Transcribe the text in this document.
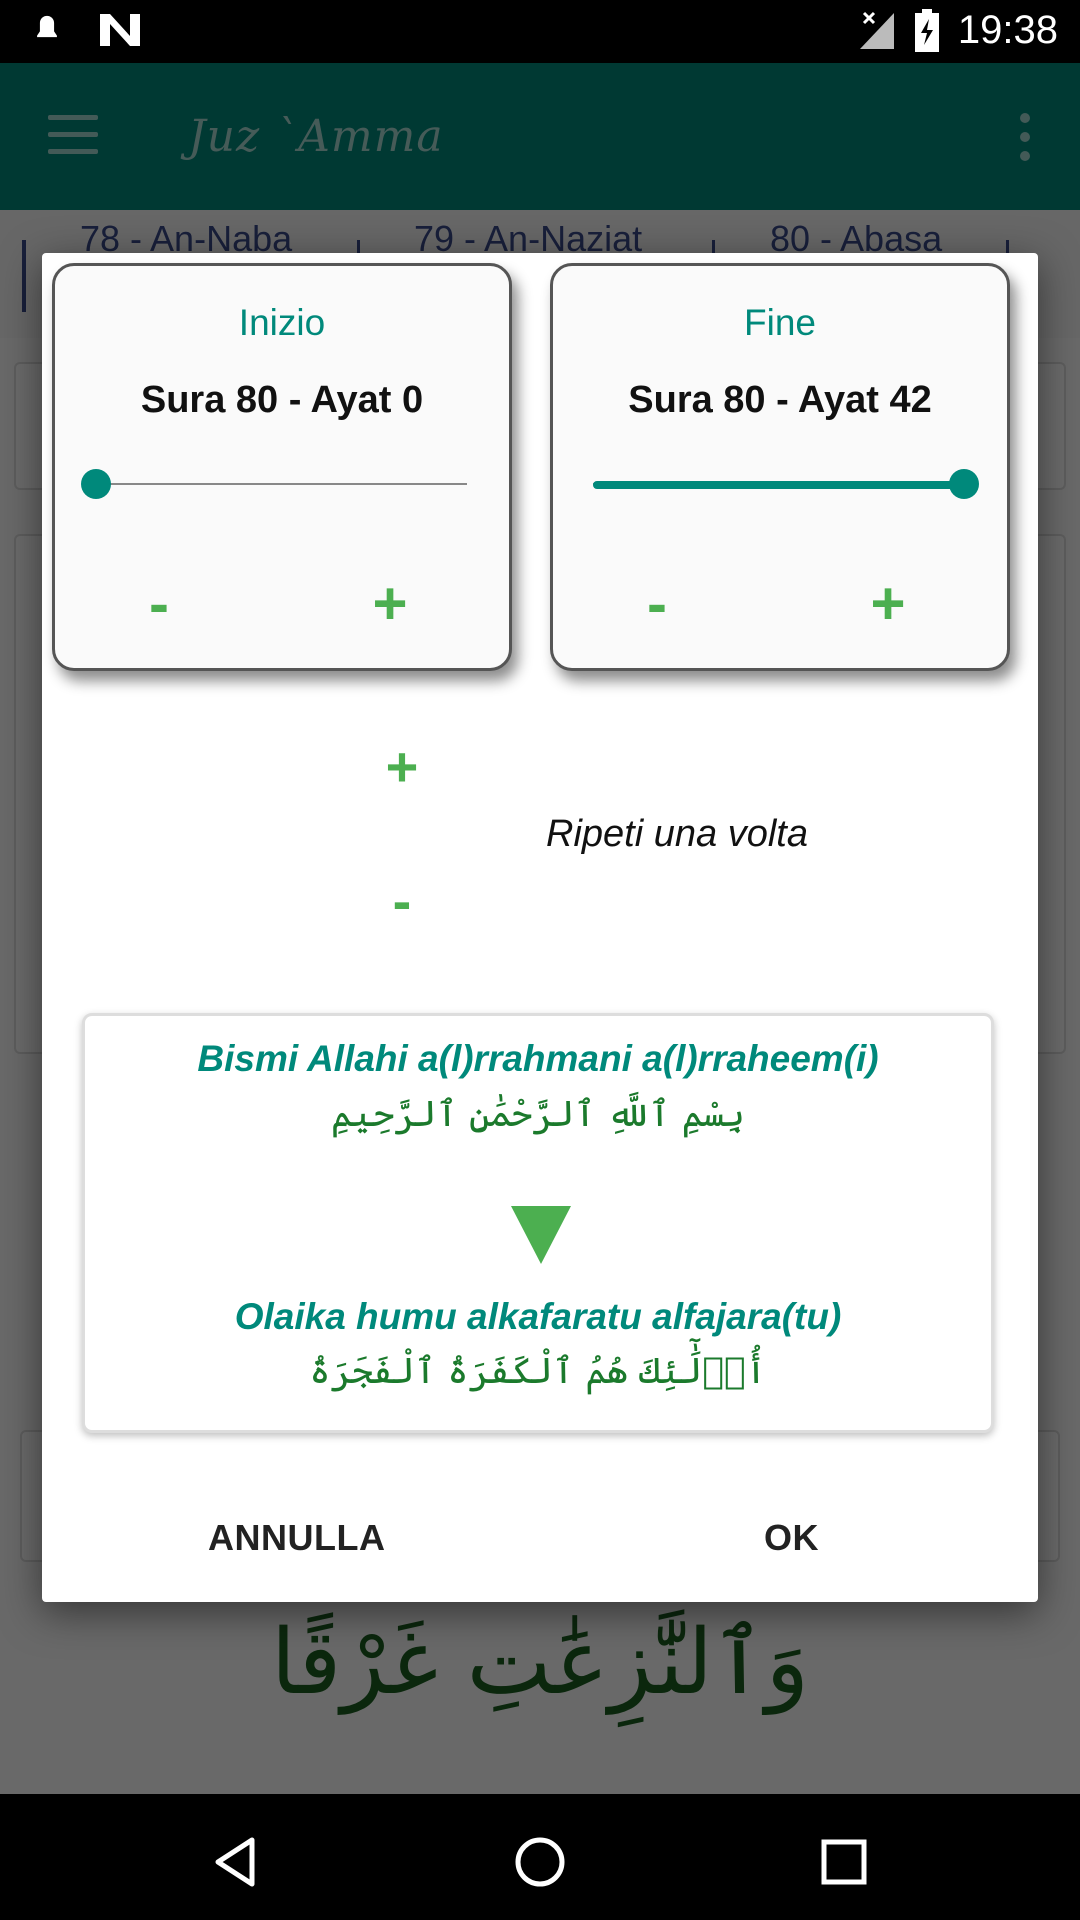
19:38
Inizio
Sura 80 - Ayat 0
-	+
Fine
Sura 80 - Ayat 42
-	+
+
Ripeti una volta
-
Bismi Allahi a(l)rrahmani a(l)rraheem(i)
بِسْمِ ٱللَّهِ ٱلرَّحْمَٰنِ ٱلرَّحِيمِ
Olaika humu alkafaratu alfajara(tu)
أُو۟لَٰٓئِكَ هُمُ ٱلْكَفَرَةُ ٱلْفَجَرَةُ
ANNULLA	OK
